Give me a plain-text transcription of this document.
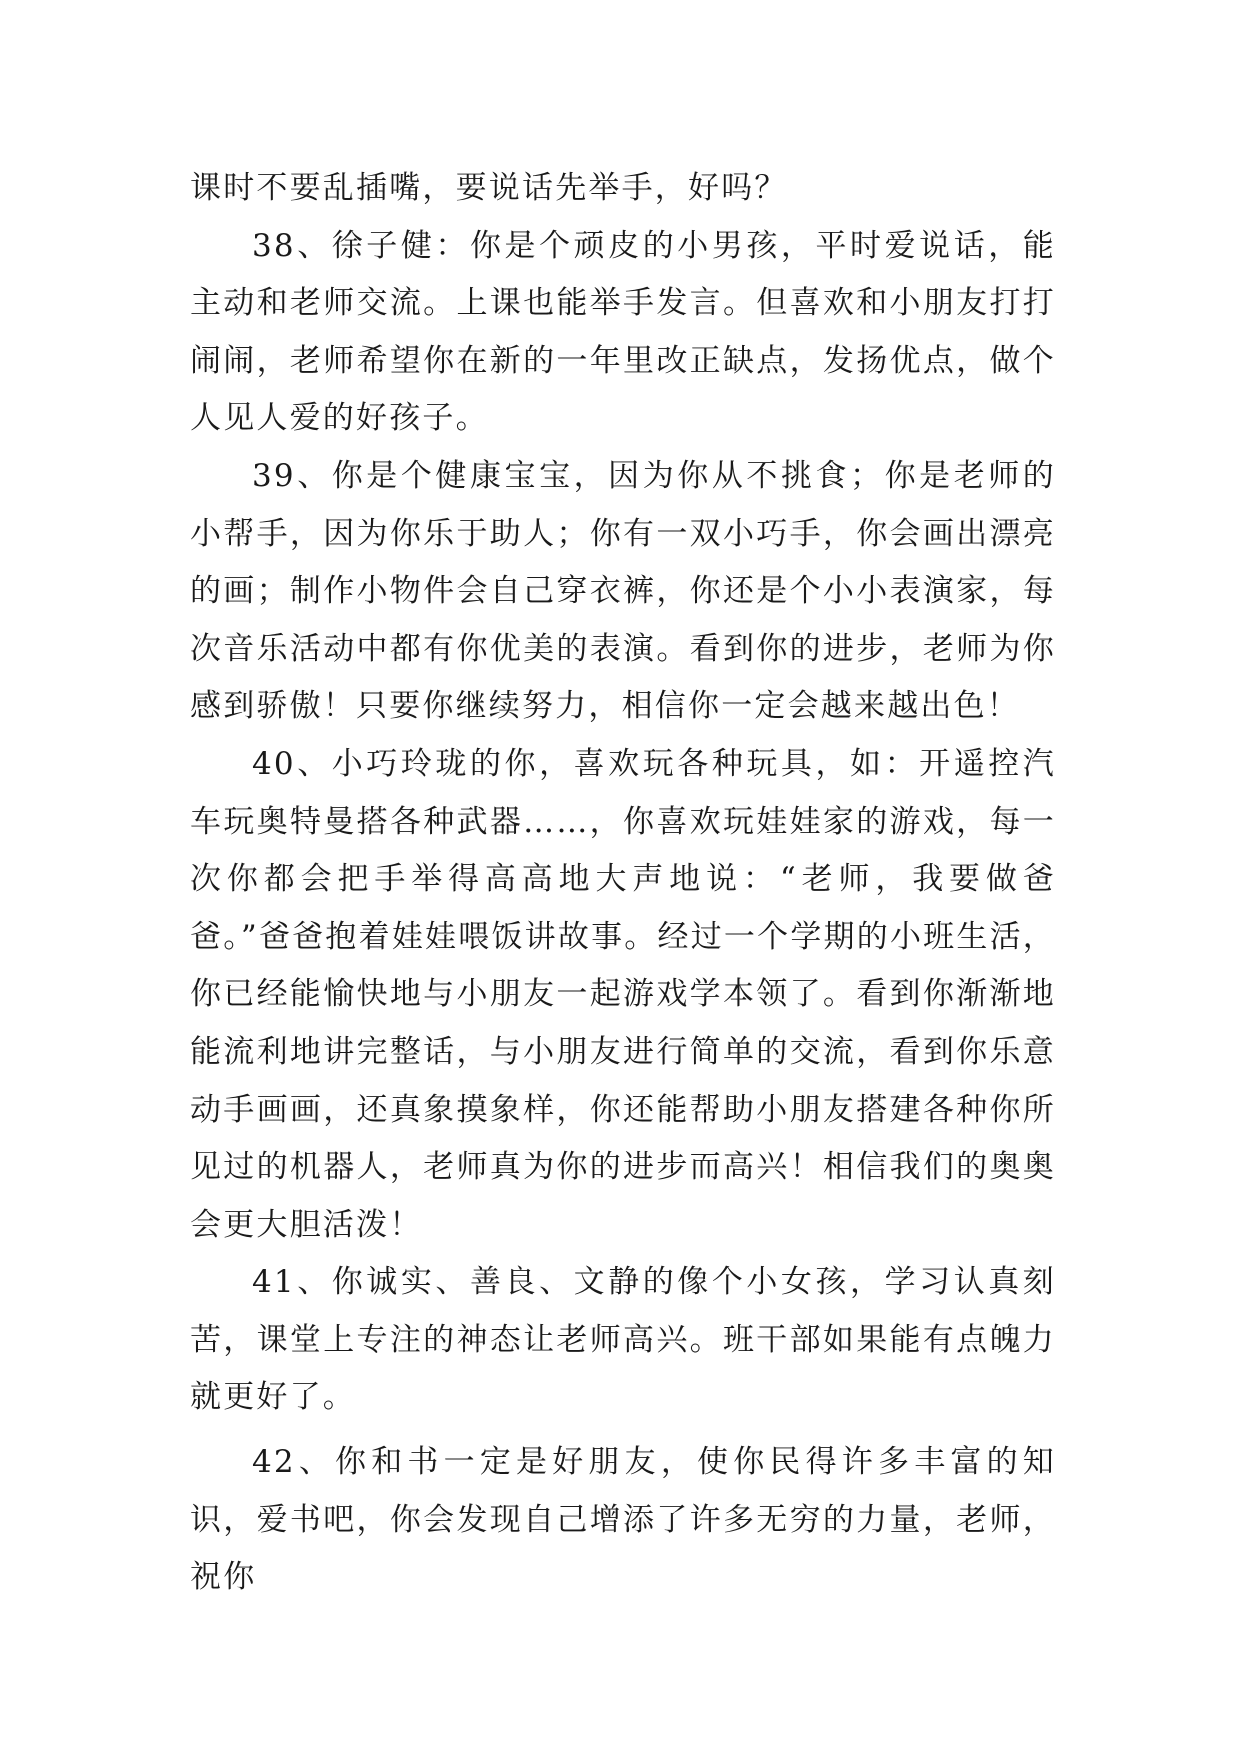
课时不要乱插嘴，要说话先举手，好吗？

38、徐子健：你是个顽皮的小男孩，平时爱说话，能主动和老师交流。上课也能举手发言。但喜欢和小朋友打打闹闹，老师希望你在新的一年里改正缺点，发扬优点，做个人见人爱的好孩子。

39、你是个健康宝宝，因为你从不挑食；你是老师的小帮手，因为你乐于助人；你有一双小巧手，你会画出漂亮的画；制作小物件会自己穿衣裤，你还是个小小表演家，每次音乐活动中都有你优美的表演。看到你的进步，老师为你感到骄傲！只要你继续努力，相信你一定会越来越出色！

40、小巧玲珑的你，喜欢玩各种玩具，如：开遥控汽车玩奥特曼搭各种武器……，你喜欢玩娃娃家的游戏，每一次你都会把手举得高高地大声地说：“老师，我要做爸爸。”爸爸抱着娃娃喂饭讲故事。经过一个学期的小班生活，你已经能愉快地与小朋友一起游戏学本领了。看到你渐渐地能流利地讲完整话，与小朋友进行简单的交流，看到你乐意动手画画，还真象摸象样，你还能帮助小朋友搭建各种你所见过的机器人，老师真为你的进步而高兴！相信我们的奥奥会更大胆活泼！

41、你诚实、善良、文静的像个小女孩，学习认真刻苦，课堂上专注的神态让老师高兴。班干部如果能有点魄力就更好了。

42、你和书一定是好朋友，使你民得许多丰富的知识，爱书吧，你会发现自己增添了许多无穷的力量，老师，祝你
